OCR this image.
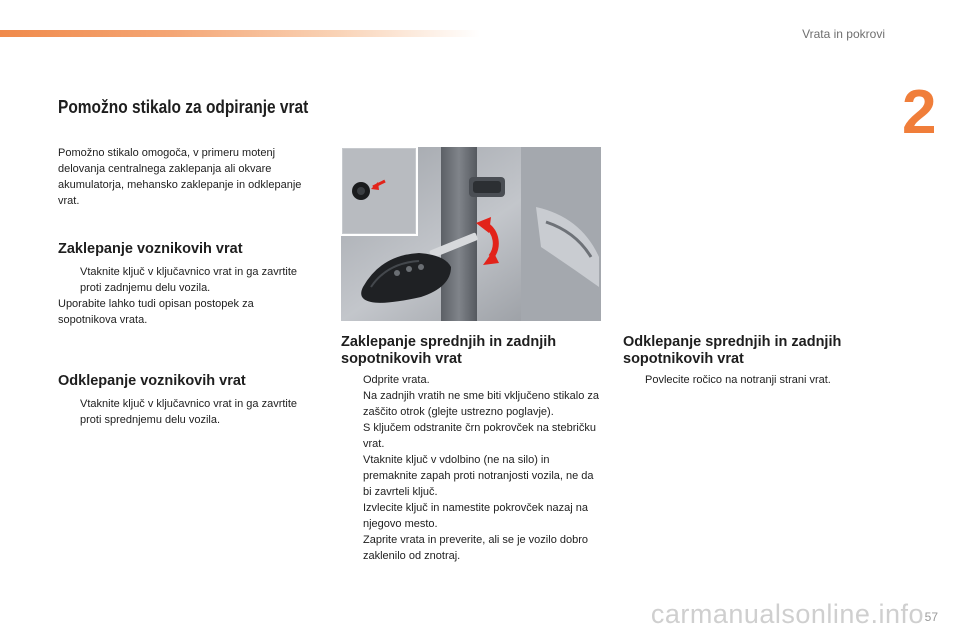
Vrata in pokrovi
2
Pomožno stikalo za odpiranje vrat
Pomožno stikalo omogoča, v primeru motenj delovanja centralnega zaklepanja ali okvare akumulatorja, mehansko zaklepanje in odklepanje vrat.
Zaklepanje voznikovih vrat
Vtaknite ključ v ključavnico vrat in ga zavrtite proti zadnjemu delu vozila.
Uporabite lahko tudi opisan postopek za sopotnikova vrata.
Odklepanje voznikovih vrat
Vtaknite ključ v ključavnico vrat in ga zavrtite proti sprednjemu delu vozila.
Zaklepanje sprednjih in zadnjih sopotnikovih vrat
Odprite vrata.
Na zadnjih vratih ne sme biti vključeno stikalo za zaščito otrok (glejte ustrezno poglavje).
S ključem odstranite črn pokrovček na stebričku vrat.
Vtaknite ključ v vdolbino (ne na silo) in premaknite zapah proti notranjosti vozila, ne da bi zavrteli ključ.
Izvlecite ključ in namestite pokrovček nazaj na njegovo mesto.
Zaprite vrata in preverite, ali se je vozilo dobro zaklenilo od znotraj.
Odklepanje sprednjih in zadnjih sopotnikovih vrat
Povlecite ročico na notranji strani vrat.
carmanualsonline.info 57
